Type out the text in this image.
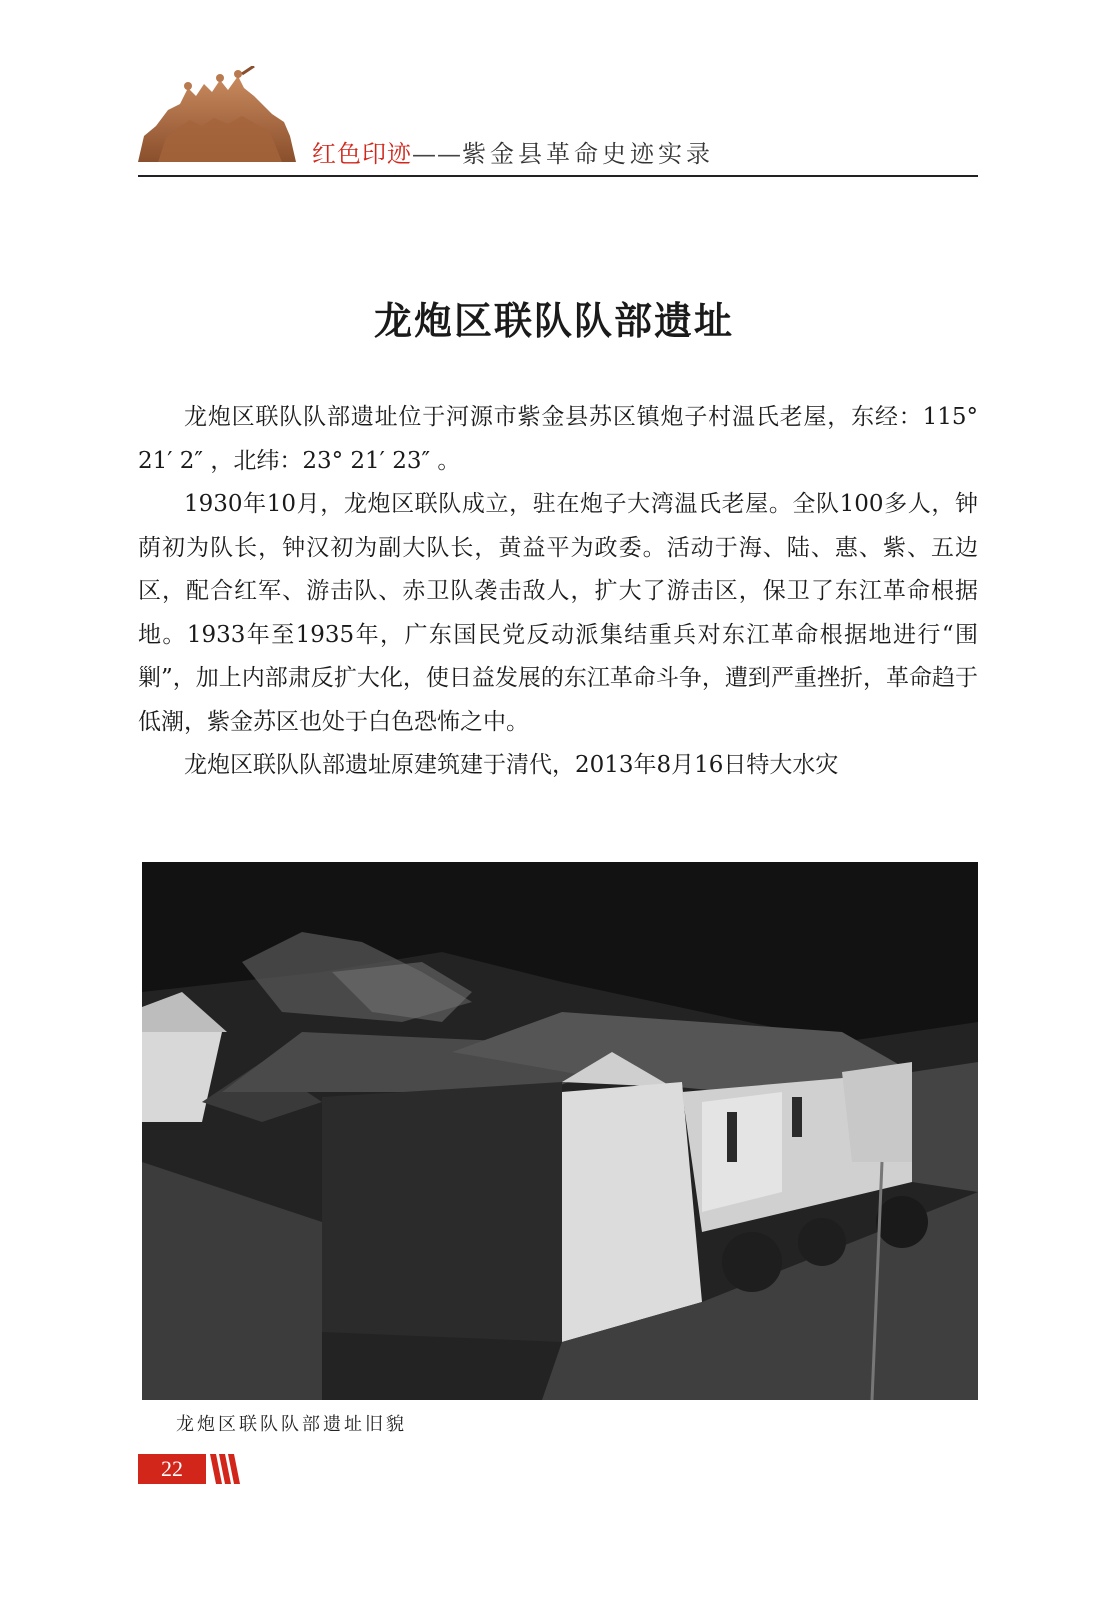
红色印迹——紫金县革命史迹实录
龙炮区联队队部遗址

龙炮区联队队部遗址位于河源市紫金县苏区镇炮子村温氏老屋，东经：115° 21′ 2″ ，北纬：23° 21′ 23″ 。

1930年10月，龙炮区联队成立，驻在炮子大湾温氏老屋。全队100多人，钟荫初为队长，钟汉初为副大队长，黄益平为政委。活动于海、陆、惠、紫、五边区，配合红军、游击队、赤卫队袭击敌人，扩大了游击区，保卫了东江革命根据地。1933年至1935年，广东国民党反动派集结重兵对东江革命根据地进行“围剿”，加上内部肃反扩大化，使日益发展的东江革命斗争，遭到严重挫折，革命趋于低潮，紫金苏区也处于白色恐怖之中。

龙炮区联队队部遗址原建筑建于清代，2013年8月16日特大水灾

龙炮区联队队部遗址旧貌
22
